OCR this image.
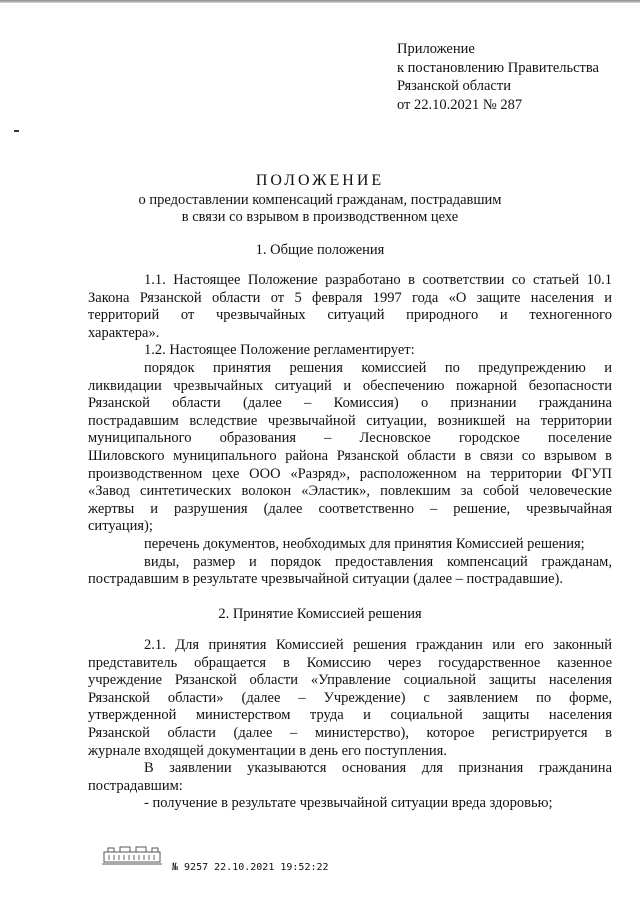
Приложение
к постановлению Правительства
Рязанской области
от 22.10.2021 № 287
ПОЛОЖЕНИЕ
о предоставлении компенсаций гражданам, пострадавшим
в связи со взрывом в производственном цехе
1. Общие положения

1.1. Настоящее Положение разработано в соответствии со статьей 10.1

Закона Рязанской области от 5 февраля 1997 года «О защите населения и

территорий от чрезвычайных ситуаций природного и техногенного

характера».

1.2. Настоящее Положение регламентирует:

порядок принятия решения комиссией по предупреждению и

ликвидации чрезвычайных ситуаций и обеспечению пожарной безопасности

Рязанской области (далее – Комиссия) о признании гражданина

пострадавшим вследствие чрезвычайной ситуации, возникшей на территории

муниципального образования – Лесновское городское поселение

Шиловского муниципального района Рязанской области в связи со взрывом в

производственном цехе ООО «Разряд», расположенном на территории ФГУП

«Завод синтетических волокон «Эластик», повлекшим за собой человеческие

жертвы и разрушения (далее соответственно – решение, чрезвычайная

ситуация);

перечень документов, необходимых для принятия Комиссией решения;

виды, размер и порядок предоставления компенсаций гражданам,

пострадавшим в результате чрезвычайной ситуации (далее – пострадавшие).

2. Принятие Комиссией решения

2.1. Для принятия Комиссией решения гражданин или его законный

представитель обращается в Комиссию через государственное казенное

учреждение Рязанской области «Управление социальной защиты населения

Рязанской области» (далее – Учреждение) с заявлением по форме,

утвержденной министерством труда и социальной защиты населения

Рязанской области (далее – министерство), которое регистрируется в

журнале входящей документации в день его поступления.

В заявлении указываются основания для признания гражданина

пострадавшим:

- получение в результате чрезвычайной ситуации вреда здоровью;

№ 9257 22.10.2021 19:52:22
